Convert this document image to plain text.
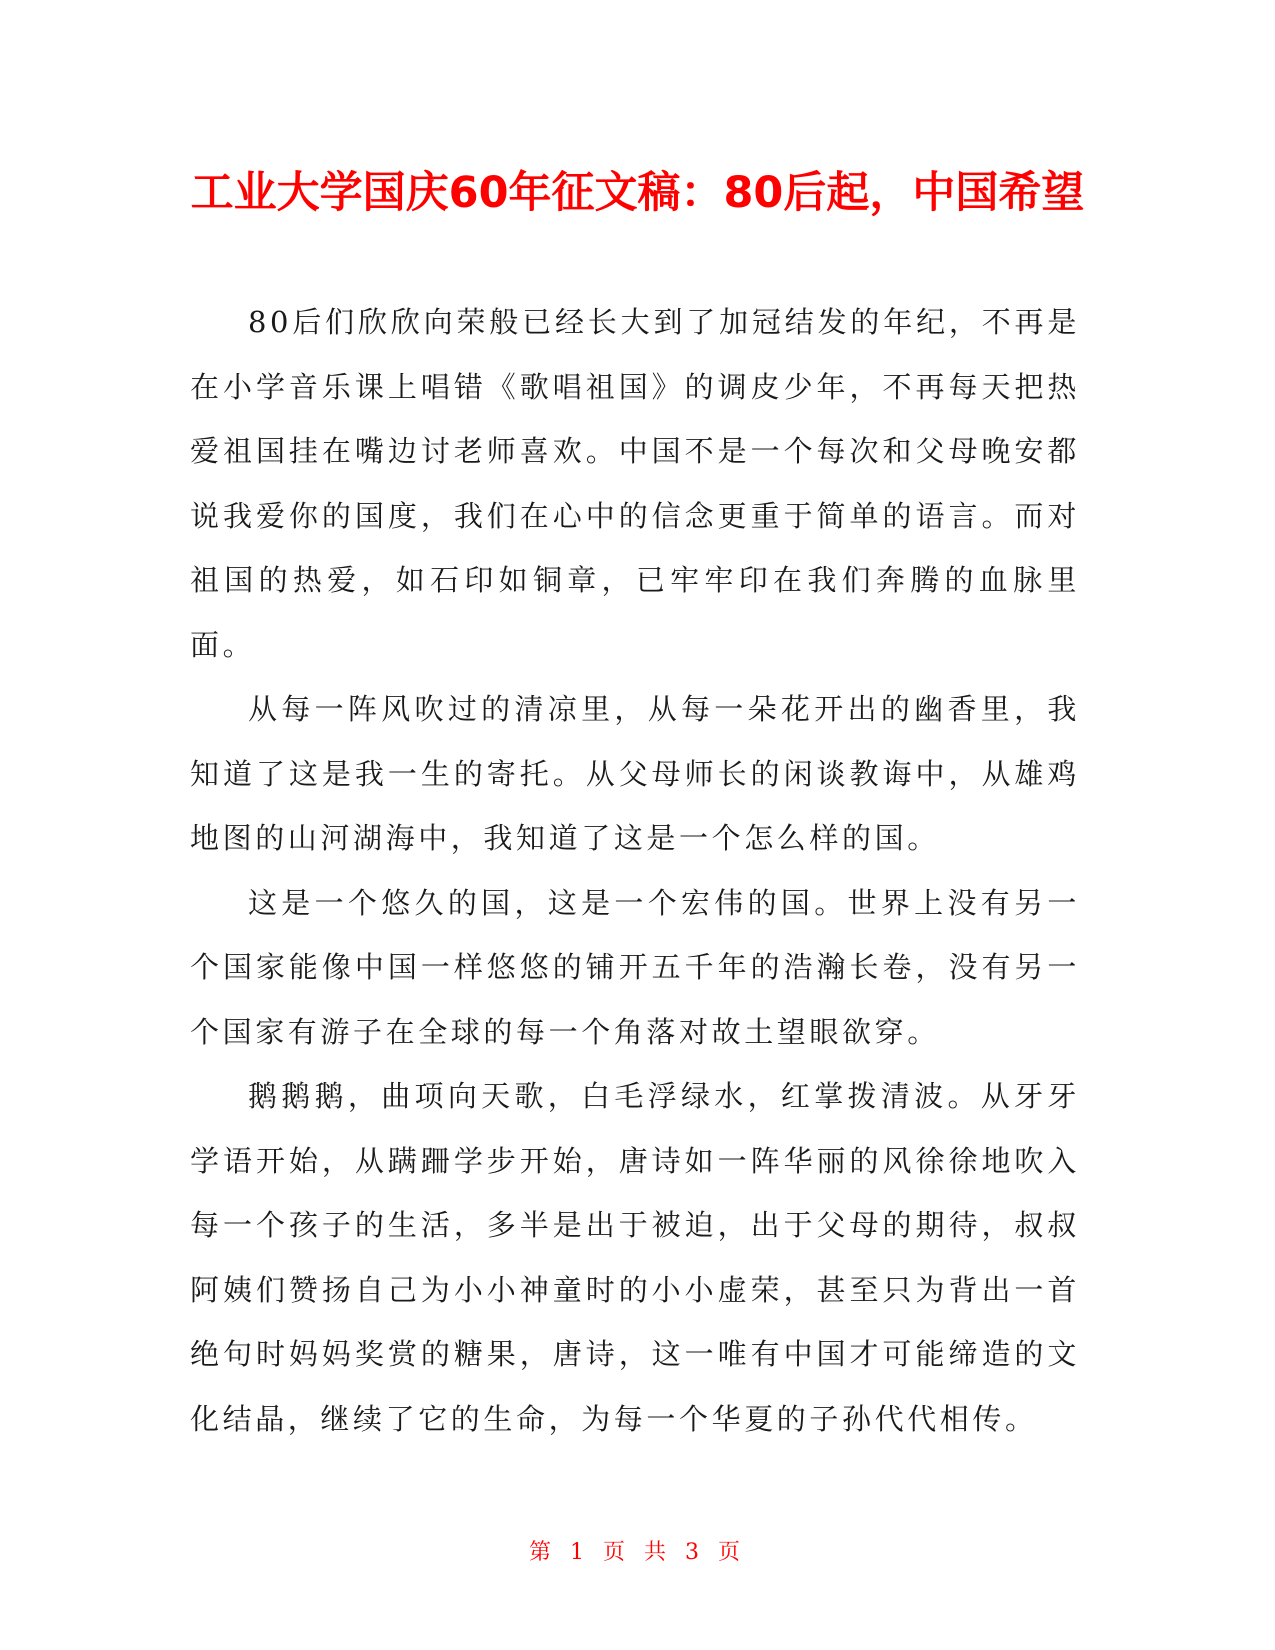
工业大学国庆60年征文稿：80后起，中国希望

80后们欣欣向荣般已经长大到了加冠结发的年纪，不再是在小学音乐课上唱错《歌唱祖国》的调皮少年，不再每天把热爱祖国挂在嘴边讨老师喜欢。中国不是一个每次和父母晚安都说我爱你的国度，我们在心中的信念更重于简单的语言。而对祖国的热爱，如石印如铜章，已牢牢印在我们奔腾的血脉里面。

从每一阵风吹过的清凉里，从每一朵花开出的幽香里，我知道了这是我一生的寄托。从父母师长的闲谈教诲中，从雄鸡地图的山河湖海中，我知道了这是一个怎么样的国。

这是一个悠久的国，这是一个宏伟的国。世界上没有另一个国家能像中国一样悠悠的铺开五千年的浩瀚长卷，没有另一个国家有游子在全球的每一个角落对故土望眼欲穿。

鹅鹅鹅，曲项向天歌，白毛浮绿水，红掌拨清波。从牙牙学语开始，从蹒跚学步开始，唐诗如一阵华丽的风徐徐地吹入每一个孩子的生活，多半是出于被迫，出于父母的期待，叔叔阿姨们赞扬自己为小小神童时的小小虚荣，甚至只为背出一首绝句时妈妈奖赏的糖果，唐诗，这一唯有中国才可能缔造的文化结晶，继续了它的生命，为每一个华夏的子孙代代相传。

第 1 页 共 3 页
